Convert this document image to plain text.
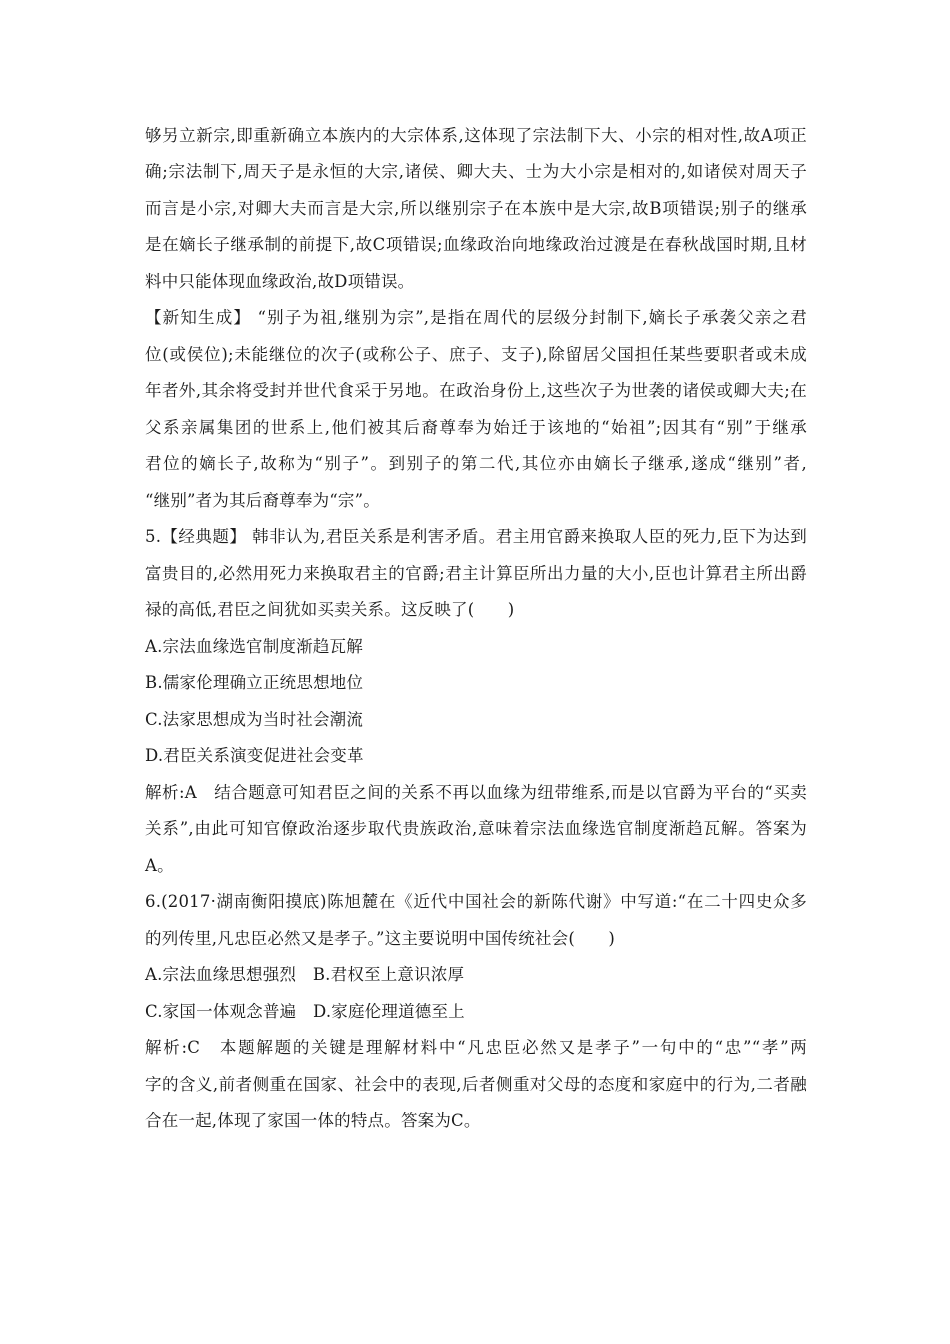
够另立新宗,即重新确立本族内的大宗体系,这体现了宗法制下大、小宗的相对性,故A项正
确;宗法制下,周天子是永恒的大宗,诸侯、卿大夫、士为大小宗是相对的,如诸侯对周天子
而言是小宗,对卿大夫而言是大宗,所以继别宗子在本族中是大宗,故B项错误;别子的继承
是在嫡长子继承制的前提下,故C项错误;血缘政治向地缘政治过渡是在春秋战国时期,且材
料中只能体现血缘政治,故D项错误。
【新知生成】 “别子为祖,继别为宗”,是指在周代的层级分封制下,嫡长子承袭父亲之君
位(或侯位);未能继位的次子(或称公子、庶子、支子),除留居父国担任某些要职者或未成
年者外,其余将受封并世代食采于另地。在政治身份上,这些次子为世袭的诸侯或卿大夫;在
父系亲属集团的世系上,他们被其后裔尊奉为始迁于该地的“始祖”;因其有“别”于继承
君位的嫡长子,故称为“别子”。到别子的第二代,其位亦由嫡长子继承,遂成“继别”者,
“继别”者为其后裔尊奉为“宗”。
5.【经典题】 韩非认为,君臣关系是利害矛盾。君主用官爵来换取人臣的死力,臣下为达到
富贵目的,必然用死力来换取君主的官爵;君主计算臣所出力量的大小,臣也计算君主所出爵
禄的高低,君臣之间犹如买卖关系。这反映了(　　)
A.宗法血缘选官制度渐趋瓦解
B.儒家伦理确立正统思想地位
C.法家思想成为当时社会潮流
D.君臣关系演变促进社会变革
解析:A　结合题意可知君臣之间的关系不再以血缘为纽带维系,而是以官爵为平台的“买卖
关系”,由此可知官僚政治逐步取代贵族政治,意味着宗法血缘选官制度渐趋瓦解。答案为
A。
6.(2017·湖南衡阳摸底)陈旭麓在《近代中国社会的新陈代谢》中写道:“在二十四史众多
的列传里,凡忠臣必然又是孝子。”这主要说明中国传统社会(　　)
A.宗法血缘思想强烈　B.君权至上意识浓厚
C.家国一体观念普遍　D.家庭伦理道德至上
解析:C　本题解题的关键是理解材料中“凡忠臣必然又是孝子”一句中的“忠”“孝”两
字的含义,前者侧重在国家、社会中的表现,后者侧重对父母的态度和家庭中的行为,二者融
合在一起,体现了家国一体的特点。答案为C。
